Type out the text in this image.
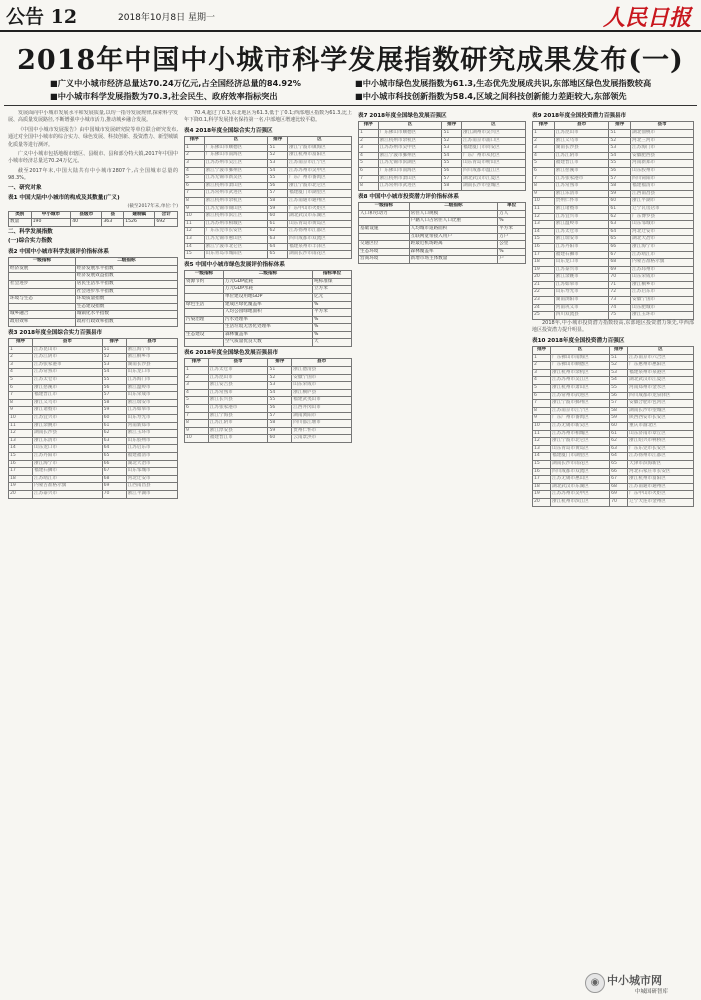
公告 12	2018年10月8日 星期一	人民日报
2018年中国中小城市科学发展指数研究成果发布(一)
■广义中小城市经济总量达70.24万亿元,占全国经济总量的84.92%
■中小城市科学发展指数为70.3,社会民生、政府效率指标突出
■中小城市绿色发展指数为61.3,生态优先发展成共识,东部地区绿色发展指数较高
■中小城市科技创新指数为58.4,区域之间科技创新能力差距较大,东部领先

发展面向中小城市发展水平和发展质量,以均一指导发展规律,探索科学发展、高质量发展路径,不断增强中小城市活力,推动城乡融合发展。

《中国中小城市发展报告》由中国城市发展研究院等单位联合研究发布,通过对全国中小城市的综合实力、绿色发展、科技创新、投资潜力、新型城镇化质量等进行测评。

广义中小城市包括地级市辖区、县级市、县和部分特大镇,2017年中国中小城市经济总量达70.24万亿元。

截至2017年末,中国大陆共有中小城市2807个,占全国城市总量的98.3%。

一、研究对象
表1 中国大陆中小城市的构成及其数量(广义)
(截至2017年末,单位:个)
类别	中小城市	县级市	县	建制镇	合计
数量	190	40	363	1526	692
二、科学发展指数
(一)综合实力指数
表2 中国中小城市科学发展评价指标体系
一级指标	二级指标
经济发展	经济发展水平指数
	经济发展效益指数
社会进步	居民生活水平指数
	社会进步水平指数
环境与生态	环境质量指数
	生态建设指数
城乡融合	城镇化水平指数
政府效率	政府行政效率指数
表3 2018年度全国综合实力百强县市
排序	县市	排序	县市
1	江苏昆山市	51	浙江海宁市
2	江苏江阴市	52	浙江桐乡市
3	江苏张家港市	53	湖南长沙县
4	江苏常熟市	54	山东龙口市
5	江苏太仓市	55	江苏海门市
6	浙江慈溪市	56	浙江温岭市
7	福建晋江市	57	山东荣成市
8	浙江义乌市	58	浙江瑞安市
9	浙江诸暨市	59	江苏如皋市
10	江苏宜兴市	60	山东寿光市
11	浙江余姚市	61	河南新郑市
12	湖南长沙县	62	浙江玉环市
13	浙江乐清市	63	山东胶州市
14	山东龙口市	64	江苏启东市
15	江苏丹阳市	65	福建福清市
16	浙江海宁市	66	湖北大冶市
17	福建石狮市	67	山东邹城市
18	江苏靖江市	68	河北迁安市
19	内蒙古准格尔旗	69	江西南昌县
20	江苏泰兴市	70	浙江平湖市

70.4,超过了0.3,东北地区为61.3,低于了0.1;西部地区指数为61.3,比上年下降0.1,科学发展排名保持第一名,中部地区增速比较平稳。

表4 2018年度全国综合实力百强区
排序	区	排序	区
1	广东佛山市顺德区	51	浙江宁波市镇海区
2	广东佛山市南海区	52	浙江杭州市富阳区
3	江苏苏州市吴江区	53	江苏南京市江宁区
4	浙江宁波市鄞州区	54	江苏苏州市吴中区
5	江苏无锡市新吴区	55	广东广州市番禺区
6	浙江杭州市萧山区	56	浙江宁波市北仑区
7	江苏常州市武进区	57	福建厦门市湖里区
8	浙江杭州市余杭区	58	江苏南通市通州区
9	江苏无锡市锡山区	59	广东中山市火炬区
10	浙江杭州市滨江区	60	湖北武汉市东湖区
11	江苏苏州市相城区	61	山东青岛市黄岛区
12	广东东莞市长安区	62	江苏扬州市江都区
13	江苏无锡市惠山区	63	四川成都市双流区
14	浙江宁波市北仑区	64	福建泉州市丰泽区
15	山东青岛市城阳区	65	湖南长沙市雨花区
表5 中国中小城市绿色发展评价指标体系
一级指标	二级指标	指标单位
资源节约	万元GDP能耗	吨标准煤
	万元GDP水耗	立方米
	单位建设用地GDP	亿元
绿色生活	建成区绿化覆盖率	%
	人均公园绿地面积	平方米
污染治理	污水处理率	%
	生活垃圾无害化处理率	%
生态建设	森林覆盖率	%
	空气质量优良天数	天
表6 2018年度全国绿色发展百强县市
排序	县市	排序	县市
1	江苏太仓市	51	浙江德清县
2	江苏昆山市	52	安徽宁国市
3	浙江安吉县	53	山东荣成市
4	江苏常熟市	54	浙江桐庐县
5	浙江长兴县	55	福建武夷山市
6	江苏张家港市	56	江西井冈山市
7	浙江宁海县	57	湖南浏阳市
8	江苏江阴市	58	四川都江堰市
9	浙江淳安县	59	贵州仁怀市
10	福建晋江市	60	云南景洪市
表7 2018年度全国绿色发展百强区
排序	区	排序	区
1	广东佛山市顺德区	51	浙江湖州市吴兴区
2	浙江杭州市余杭区	52	江苏南京市浦口区
3	江苏苏州市吴中区	53	福建厦门市同安区
4	浙江宁波市鄞州区	54	广东广州市从化区
5	江苏无锡市滨湖区	55	山东青岛市崂山区
6	广东佛山市南海区	56	四川成都市温江区
7	浙江杭州市萧山区	57	湖北武汉市江夏区
8	江苏常州市武进区	58	湖南长沙市望城区
表8 中国中小城市投资潜力评价指标体系
一级指标	二级指标	单位
人口和劳动力	常住人口规模	万人
	户籍人口占常住人口比重	%
基础设施	人均城市道路面积	平方米
	互联网宽带接入用户	万户
交通区位	距最近机场距离	公里
生态环境	森林覆盖率	%
营商环境	新增市场主体数量	户
表9 2018年度全国投资潜力百强县市
排序	县市	排序	县市
1	江苏昆山市	51	湖北仙桃市
2	浙江义乌市	52	河北三河市
3	湖南长沙县	53	江苏海门市
4	江苏江阴市	54	安徽肥西县
5	福建晋江市	55	河南新郑市
6	浙江慈溪市	56	山东胶州市
7	江苏张家港市	57	四川简阳市
8	江苏常熟市	58	福建福清市
9	浙江乐清市	59	江西南昌县
10	贵州仁怀市	60	浙江平湖市
11	浙江诸暨市	61	辽宁瓦房店市
12	江苏宜兴市	62	广东博罗县
13	浙江温岭市	63	山东邹城市
14	江苏太仓市	64	河北迁安市
15	浙江瑞安市	65	湖北大冶市
16	江苏丹阳市	66	浙江海宁市
17	福建石狮市	67	江苏靖江市
18	山东龙口市	68	内蒙古准格尔旗
19	江苏泰兴市	69	江苏邳州市
20	浙江余姚市	70	山东荣成市
21	江苏如皋市	71	浙江桐乡市
22	山东寿光市	72	江苏启东市
23	湖南浏阳市	73	安徽宁国市
24	河南巩义市	74	山东肥城市
25	四川双流县	75	浙江玉环市

2018年,中小城市投资潜力指数较高,东部地区投资潜力领先,中西部地区投资潜力提升明显。

表10 2018年度全国投资潜力百强区
排序	区	排序	区
1	广东佛山市南海区	51	江苏南京市六合区
2	广东佛山市顺德区	52	广东惠州市惠阳区
3	浙江杭州市余杭区	53	福建泉州市泉港区
4	江苏苏州市吴江区	54	湖北武汉市江夏区
5	浙江杭州市萧山区	55	河南郑州市金水区
6	江苏常州市武进区	56	四川成都市龙泉驿区
7	浙江宁波市鄞州区	57	安徽合肥市包河区
8	江苏南京市江宁区	58	湖南长沙市望城区
9	广东广州市番禺区	59	陕西西安市长安区
10	江苏无锡市新吴区	60	重庆市渝北区
11	江苏苏州市相城区	61	山东济南市章丘区
12	浙江宁波市北仑区	62	浙江绍兴市柯桥区
13	山东青岛市黄岛区	63	广东东莞市长安区
14	福建厦门市湖里区	64	江苏扬州市江都区
15	湖南长沙市雨花区	65	天津市滨海新区
16	四川成都市双流区	66	河北石家庄市长安区
17	江苏无锡市惠山区	67	浙江杭州市富阳区
18	湖北武汉市东湖区	68	江苏南通市通州区
19	江苏苏州市吴中区	69	广东中山市火炬区
20	浙江杭州市滨江区	70	辽宁大连市金州区
◉ 中小城市网
中城国研智库
